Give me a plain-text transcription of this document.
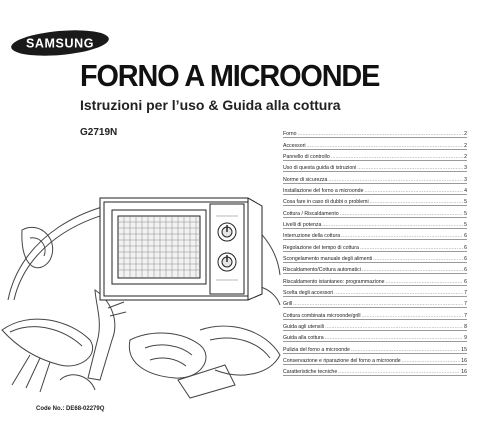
SAMSUNG
FORNO A MICROONDE
Istruzioni per l’uso & Guida alla cottura
G2719N	Forno .....	2
Accessori .....	2
Pannello di controllo .....	2
Uso di questa guida di istruzioni .....	3
Norme di sicurezza .....	3
Installazione del forno a microonde .....	4
Cosa fare in caso di dubbi o problemi .....	5
Cottura / Riscaldamento .....	5
Livelli di potenza .....	5
Interruzione della cottura .....	6
Regolazione del tempo di cottura .....	6
Scongelamento manuale degli alimenti .....	6
Riscaldamento/Cottura automatici .....	6
Riscaldamento istantaneo: programmazione .....	6
Scelta degli accessori .....	7
Grill .....	7
Cottura combinata microonde/grill .....	7
Guida agli utensili .....	8
Guida alla cottura .....	9
Pulizia del forno a microonde .....	15
Conservazione e riparazione del forno a microonde .....	16
Caratteristiche tecniche .....	16
Code No.: DE68-02279Q
